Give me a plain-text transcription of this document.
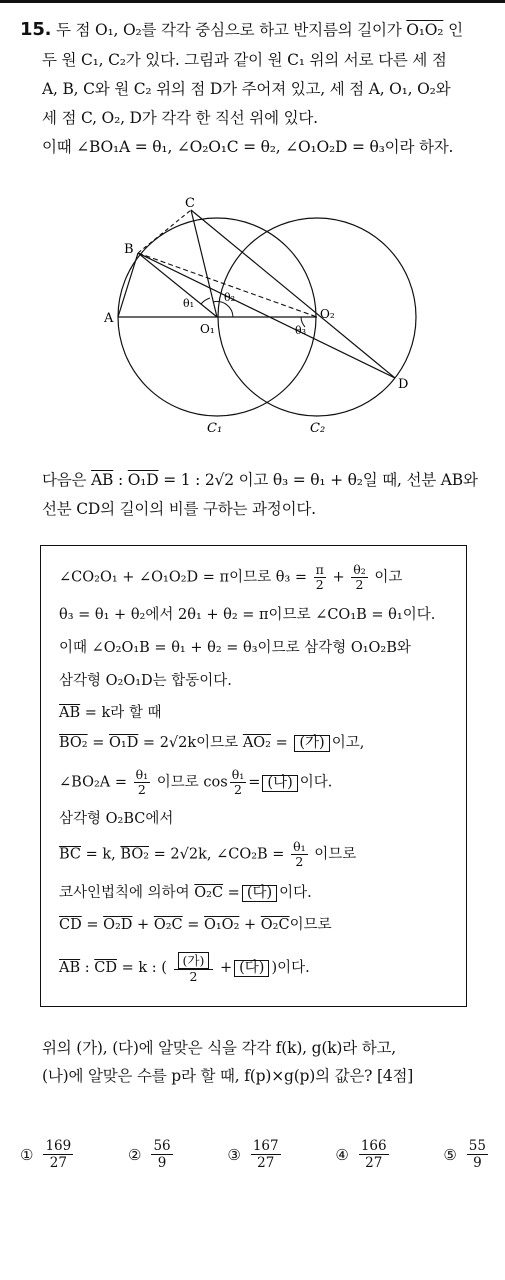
15. 두 점 O₁, O₂를 각각 중심으로 하고 반지름의 길이가 O₁O₂ 인
두 원 C₁, C₂가 있다. 그림과 같이 원 C₁ 위의 서로 다른 세 점
A, B, C와 원 C₂ 위의 점 D가 주어져 있고, 세 점 A, O₁, O₂와
세 점 C, O₂, D가 각각 한 직선 위에 있다.
이때 ∠BO₁A = θ₁, ∠O₂O₁C = θ₂, ∠O₁O₂D = θ₃이라 하자.
C
B
A
O₁
O₂
D
θ₁	θ₂
θ₃
C₁	C₂
다음은 $\overline{AB}$ : O₁D = 1 : 2√2 이고 θ₃ = θ₁ + θ₂일 때, 선분 AB와
선분 CD의 길이의 비를 구하는 과정이다.
∠CO₂O₁ + ∠O₁O₂D = π이므로 $\theta_3 = \frac{\pi}{2} + \frac{\text{θ₂}}{2}$ 이고
θ₃ = θ₁ + θ₂에서 2θ₁ + θ₂ = π이므로 ∠CO₁B = θ₁이다.
이때 ∠O₂O₁B = θ₁ + θ₂ = θ₃이므로 삼각형 O₁O₂B와
삼각형 O₂O₁D는 합동이다.
$\overline{AB} = k$라 할 때
BO₂ = O₁D = 2√2k이므로 AO₂ = (가) 이고,
∠BO₂A = $\frac{\text{θ₁}}{2}$ 이므로 $\cos \frac{\text{θ₁}}{2}$ = (나) 이다.
삼각형 O₂BC에서
$\overline{BC} = k$, BO₂ = 2√2k, ∠CO₂B = $\frac{\text{θ₁}}{2}$ 이므로
코사인법칙에 의하여 O₂C = (다) 이다.
$\overline{CD} = O_2D + O_2C = O_1O_2 + O_2C$이므로
$\overline{AB}$ : $\overline{CD} = k$ : ( $\frac{\text{(가)}}{2}$ + (다) )이다.
위의 (가), (다)에 알맞은 식을 각각 f(k), g(k)라 하고,
(나)에 알맞은 수를 p라 할 때, f(p)×g(p)의 값은? [4점]
① $\frac{169}{27}$	② $\frac{56}{9}$	③ $\frac{167}{27}$	④ $\frac{166}{27}$	⑤ $\frac{55}{9}$
